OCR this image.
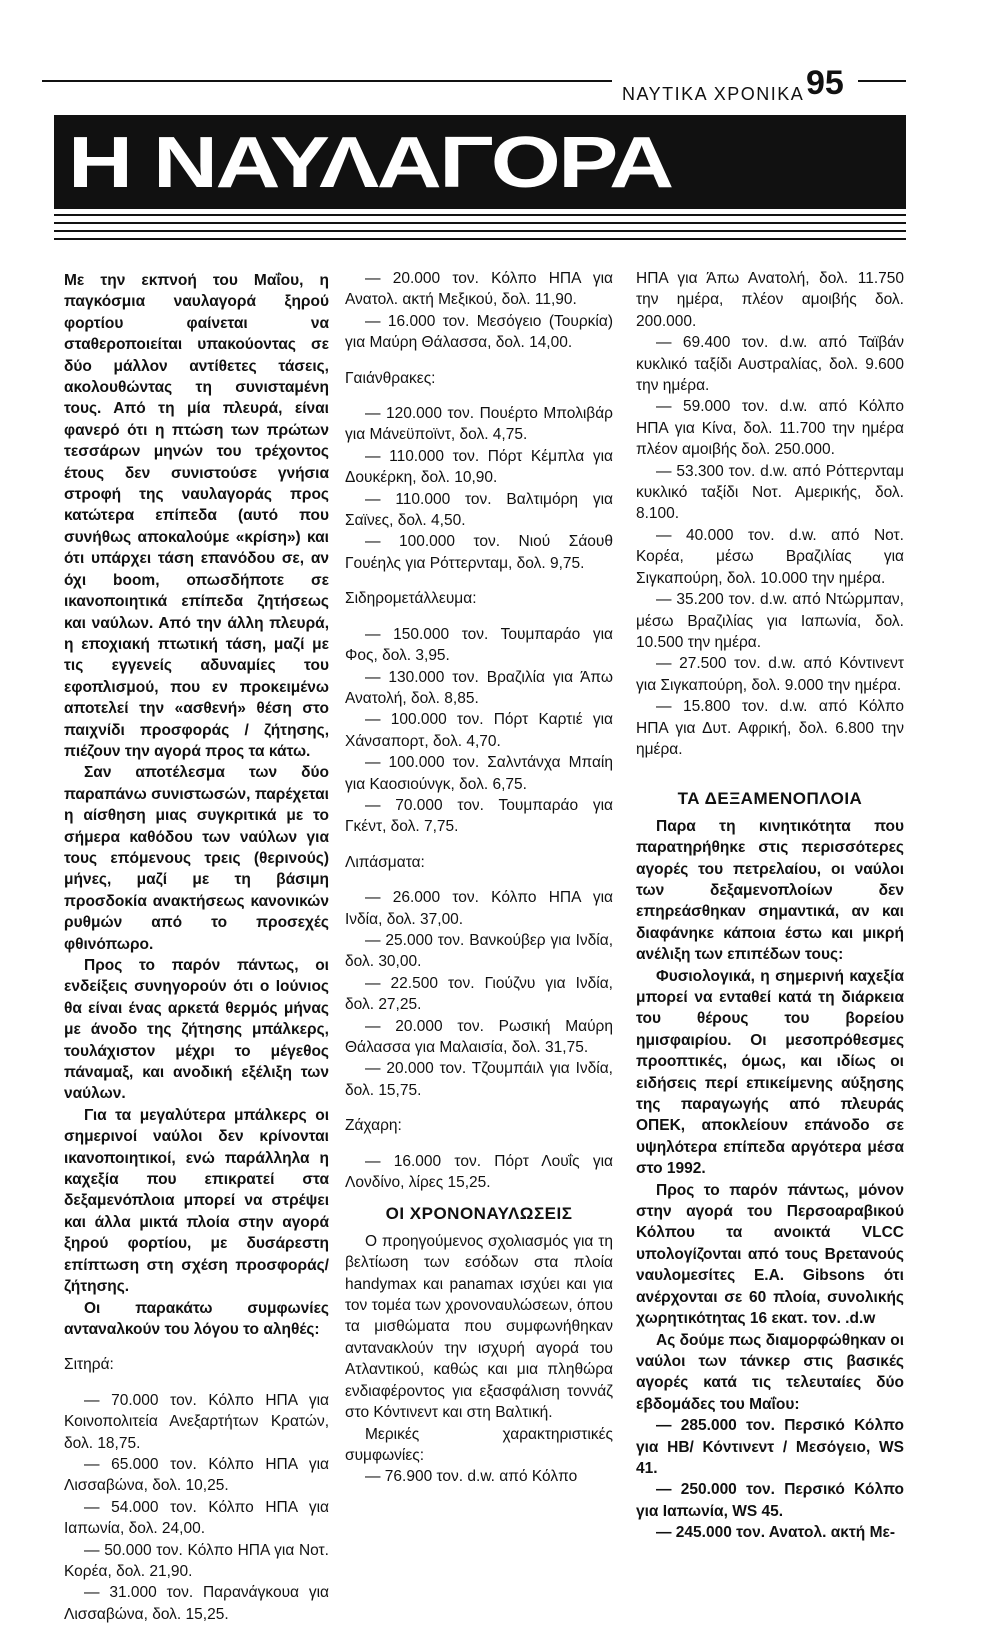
ΝΑΥΤΙΚΑ ΧΡΟΝΙΚΑ 95
Η ΝΑΥΛΑΓΟΡΑ

Με την εκπνοή του Μαΐου, η παγκόσμια ναυλαγορά ξηρού φορτίου φαίνεται να σταθεροποιείται υπακούοντας σε δύο μάλλον αντίθετες τάσεις, ακολουθώντας τη συνισταμένη τους. Από τη μία πλευρά, είναι φανερό ότι η πτώση των πρώτων τεσσάρων μηνών του τρέχοντος έτους δεν συνιστούσε γνήσια στροφή της ναυλαγοράς προς κατώτερα επίπεδα (αυτό που συνήθως αποκαλούμε «κρίση») και ότι υπάρχει τάση επανόδου σε, αν όχι boom, οπωσδήποτε σε ικανοποιητικά επίπεδα ζητήσεως και ναύλων. Από την άλλη πλευρά, η εποχιακή πτωτική τάση, μαζί με τις εγγενείς αδυναμίες του εφοπλισμού, που εν προκειμένω αποτελεί την «ασθενή» θέση στο παιχνίδι προσφοράς / ζήτησης, πιέζουν την αγορά προς τα κάτω.

Σαν αποτέλεσμα των δύο παραπάνω συνιστωσών, παρέχεται η αίσθηση μιας συγκριτικά με το σήμερα καθόδου των ναύλων για τους επόμενους τρεις (θερινούς) μήνες, μαζί με τη βάσιμη προσδοκία ανακτήσεως κανονικών ρυθμών από το προσεχές φθινόπωρο.

Προς το παρόν πάντως, οι ενδείξεις συνηγορούν ότι ο Ιούνιος θα είναι ένας αρκετά θερμός μήνας με άνοδο της ζήτησης μπάλκερς, τουλάχιστον μέχρι το μέγεθος πάναμαξ, και ανοδική εξέλιξη των ναύλων.

Για τα μεγαλύτερα μπάλκερς οι σημερινοί ναύλοι δεν κρίνονται ικανοποιητικοί, ενώ παράλληλα η καχεξία που επικρατεί στα δεξαμενόπλοια μπορεί να στρέψει και άλλα μικτά πλοία στην αγορά ξηρού φορτίου, με δυσάρεστη επίπτωση στη σχέση προσφοράς/ ζήτησης.

Οι παρακάτω συμφωνίες ανταναλκούν του λόγου το αληθές:

Σιτηρά:

— 70.000 τον. Κόλπο ΗΠΑ για Κοινοπολιτεία Ανεξαρτήτων Κρατών, δολ. 18,75.

— 65.000 τον. Κόλπο ΗΠΑ για Λισσαβώνα, δολ. 10,25.

— 54.000 τον. Κόλπο ΗΠΑ για Ιαπωνία, δολ. 24,00.

— 50.000 τον. Κόλπο ΗΠΑ για Νοτ. Κορέα, δολ. 21,90.

— 31.000 τον. Παρανάγκουα για Λισσαβώνα, δολ. 15,25.

— 20.000 τον. Κόλπο ΗΠΑ για Ανατολ. ακτή Μεξικού, δολ. 11,90.

— 16.000 τον. Μεσόγειο (Τουρκία) για Μαύρη Θάλασσα, δολ. 14,00.

Γαιάνθρακες:

— 120.000 τον. Πουέρτο Μπολιβάρ για Μάνεϋποϊντ, δολ. 4,75.

— 110.000 τον. Πόρτ Κέμπλα για Δουκέρκη, δολ. 10,90.

— 110.000 τον. Βαλτιμόρη για Σαϊνες, δολ. 4,50.

— 100.000 τον. Νιού Σάουθ Γουέηλς για Ρόττερνταμ, δολ. 9,75.

Σιδηρομετάλλευμα:

— 150.000 τον. Τουμπαράο για Φος, δολ. 3,95.

— 130.000 τον. Βραζιλία για Άπω Ανατολή, δολ. 8,85.

— 100.000 τον. Πόρτ Καρτιέ για Χάνσαπορτ, δολ. 4,70.

— 100.000 τον. Σαλντάνχα Μπαίη για Καοσιούνγκ, δολ. 6,75.

— 70.000 τον. Τουμπαράο για Γκέντ, δολ. 7,75.

Λιπάσματα:

— 26.000 τον. Κόλπο ΗΠΑ για Ινδία, δολ. 37,00.

— 25.000 τον. Βανκούβερ για Ινδία, δολ. 30,00.

— 22.500 τον. Γιούζνυ για Ινδία, δολ. 27,25.

— 20.000 τον. Ρωσική Μαύρη Θάλασσα για Μαλαισία, δολ. 31,75.

— 20.000 τον. Τζουμπάιλ για Ινδία, δολ. 15,75.

Ζάχαρη:

— 16.000 τον. Πόρτ Λουΐς για Λονδίνο, λίρες 15,25.

ΟΙ ΧΡΟΝΟΝΑΥΛΩΣΕΙΣ

Ο προηγούμενος σχολιασμός για τη βελτίωση των εσόδων στα πλοία handymax και panamax ισχύει και για τον τομέα των χρονοναυλώσεων, όπου τα μισθώματα που συμφωνήθηκαν αντανακλούν την ισχυρή αγορά του Ατλαντικού, καθώς και μια πληθώρα ενδιαφέροντος για εξασφάλιση τοννάζ στο Κόντινεντ και στη Βαλτική.

Μερικές χαρακτηριστικές συμφωνίες:

— 76.900 τον. d.w. από Κόλπο

ΗΠΑ για Άπω Ανατολή, δολ. 11.750 την ημέρα, πλέον αμοιβής δολ. 200.000.

— 69.400 τον. d.w. από Ταϊβάν κυκλικό ταξίδι Αυστραλίας, δολ. 9.600 την ημέρα.

— 59.000 τον. d.w. από Κόλπο ΗΠΑ για Κίνα, δολ. 11.700 την ημέρα πλέον αμοιβής δολ. 250.000.

— 53.300 τον. d.w. από Ρόττερνταμ κυκλικό ταξίδι Νοτ. Αμερικής, δολ. 8.100.

— 40.000 τον. d.w. από Νοτ. Κορέα, μέσω Βραζιλίας για Σιγκαπούρη, δολ. 10.000 την ημέρα.

— 35.200 τον. d.w. από Ντώρμπαν, μέσω Βραζιλίας για Ιαπωνία, δολ. 10.500 την ημέρα.

— 27.500 τον. d.w. από Κόντινεντ για Σιγκαπούρη, δολ. 9.000 την ημέρα.

— 15.800 τον. d.w. από Κόλπο ΗΠΑ για Δυτ. Αφρική, δολ. 6.800 την ημέρα.

ΤΑ ΔΕΞΑΜΕΝΟΠΛΟΙΑ

Παρα τη κινητικότητα που παρατηρήθηκε στις περισσότερες αγορές του πετρελαίου, οι ναύλοι των δεξαμενοπλοίων δεν επηρεάσθηκαν σημαντικά, αν και διαφάνηκε κάποια έστω και μικρή ανέλιξη των επιπέδων τους:

Φυσιολογικά, η σημερινή καχεξία μπορεί να ενταθεί κατά τη διάρκεια του θέρους του βορείου ημισφαιρίου. Οι μεσοπρόθεσμες προοπτικές, όμως, και ιδίως οι ειδήσεις περί επικείμενης αύξησης της παραγωγής από πλευράς ΟΠΕΚ, αποκλείουν επάνοδο σε υψηλότερα επίπεδα αργότερα μέσα στο 1992.

Προς το παρόν πάντως, μόνον στην αγορά του Περσοαραβικού Κόλπου τα ανοικτά VLCC υπολογίζονται από τους Βρετανούς ναυλομεσίτες E.A. Gibsons ότι ανέρχονται σε 60 πλοία, συνολικής χωρητικότητας 16 εκατ. τον. .d.w

Ας δούμε πως διαμορφώθηκαν οι ναύλοι των τάνκερ στις βασικές αγορές κατά τις τελευταίες δύο εβδομάδες του Μαΐου:

— 285.000 τον. Περσικό Κόλπο για ΗΒ/ Κόντινεντ / Μεσόγειο, WS 41.

— 250.000 τον. Περσικό Κόλπο για Ιαπωνία, WS 45.

— 245.000 τον. Ανατολ. ακτή Με-
